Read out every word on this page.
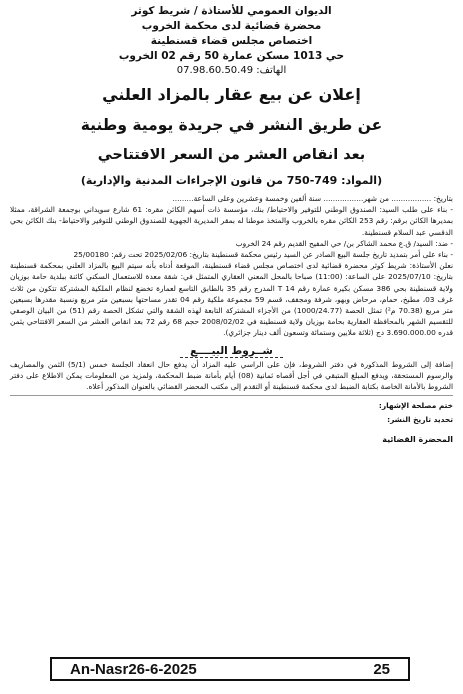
الديوان العمومي للأستاذة / شريط كوثر
محضرة قضائية لدى محكمة الخروب
اختصاص مجلس قضاء قسنطينة
حي 1013 مسكن عمارة 50 رقم 02 الخروب
الهاتف: 07.98.60.50.49
إعلان عن بيع عقار بالمزاد العلني
عن طريق النشر في جريدة يومية وطنية
بعد انقاص العشر من السعر الافتتاحي
(المواد: 749-750 من قانون الإجراءات المدنية والإدارية)

بتاريخ: ................. من شهر................. سنة ألفين وخمسة وعشرين وعلى الساعة.........

- بناء على طلب السيد: الصندوق الوطني للتوفير والاحتياط/ بنك، مؤسسة ذات أسهم الكائن مقره: 61 شارع سويداني بوجمعة الشراقة، ممثلا بمديرها الكائن برقم: رقم 253 الكائن مقره بالخروب والمتخذ موطنا له بمقر المديرية الجهوية للصندوق الوطني للتوفير والاحتياط- بنك الكائن بحي الدقسي عبد السلام قسنطينة.

- ضد: السيد/ ق.ع محمد الشاكر بن/ حي المفيح القديم رقم 24 الخروب

- بناء على أمر بتمديد تاريخ جلسة البيع الصادر عن السيد رئيس محكمة قسنطينة بتاريخ: 2025/02/06 تحت رقم: 25/00180

نعلن الأستاذة: شريط كوثر محضرة قضائية لدى اختصاص مجلس قضاء قسنطينة، الموقعة أدناه بأنه سيتم البيع بالمزاد العلني بمحكمة قسنطينة بتاريخ: 2025/07/10 على الساعة: (11:00) صباحا بالمحل المعني العقاري المتمثل في: شقة معدة للاستعمال السكني كائنة ببلدية حامة بوزيان ولاية قسنطينة بحي 386 مسكن بكيرة عمارة رقم 14 T المدرج رقم 35 بالطابق التاسع لعمارة تخضع لنظام الملكية المشتركة تتكون من ثلاث غرف 03، مطبخ، حمام، مرحاض وبهو، شرفة ومجفف، قسم 59 مجموعة ملكية رقم 04 تقدر مساحتها بسبعين متر مربع ونسبة مقدرها بسبعين متر مربع (70.38 م²) تمثل الحصة (1000/24.77) من الأجزاء المشتركة التابعة لهذه الشقة والتي تشكل الحصة رقم (51) من البيان الوصفي للتقسيم الشهر بالمحافظة العقارية بحامة بوزيان ولاية قسنطينة في 2008/02/02 حجم 68 رقم 72 بعد انقاص العشر من السعر الافتتاحي يثمن قدره 3.690.000.00 دج (ثلاثة ملايين وستمائة وتسعون ألف دينار جزائري).

شــروط البيــــع
إضافة إلى الشروط المذكورة في دفتر الشروط، فإن على الراسي عليه المزاد أن يدفع حال انعقاد الجلسة خمس (5/1) الثمن والمصاريف والرسوم المستحقة، ويدفع المبلغ المتبقي في أجل أقصاه ثمانية (08) أيام بأمانة ضبط المحكمة، ولمزيد من المعلومات يمكن الاطلاع على دفتر الشروط بالأمانة الخاصة بكتابة الضبط لدى محكمة قسنطينة أو التقدم إلى مكتب المحضر القضائي بالعنوان المذكور أعلاه.
ختم مصلحة الإشهار:
تحديد تاريخ النشر:
المحضرة القضائية
An-Nasr26-6-2025	25
